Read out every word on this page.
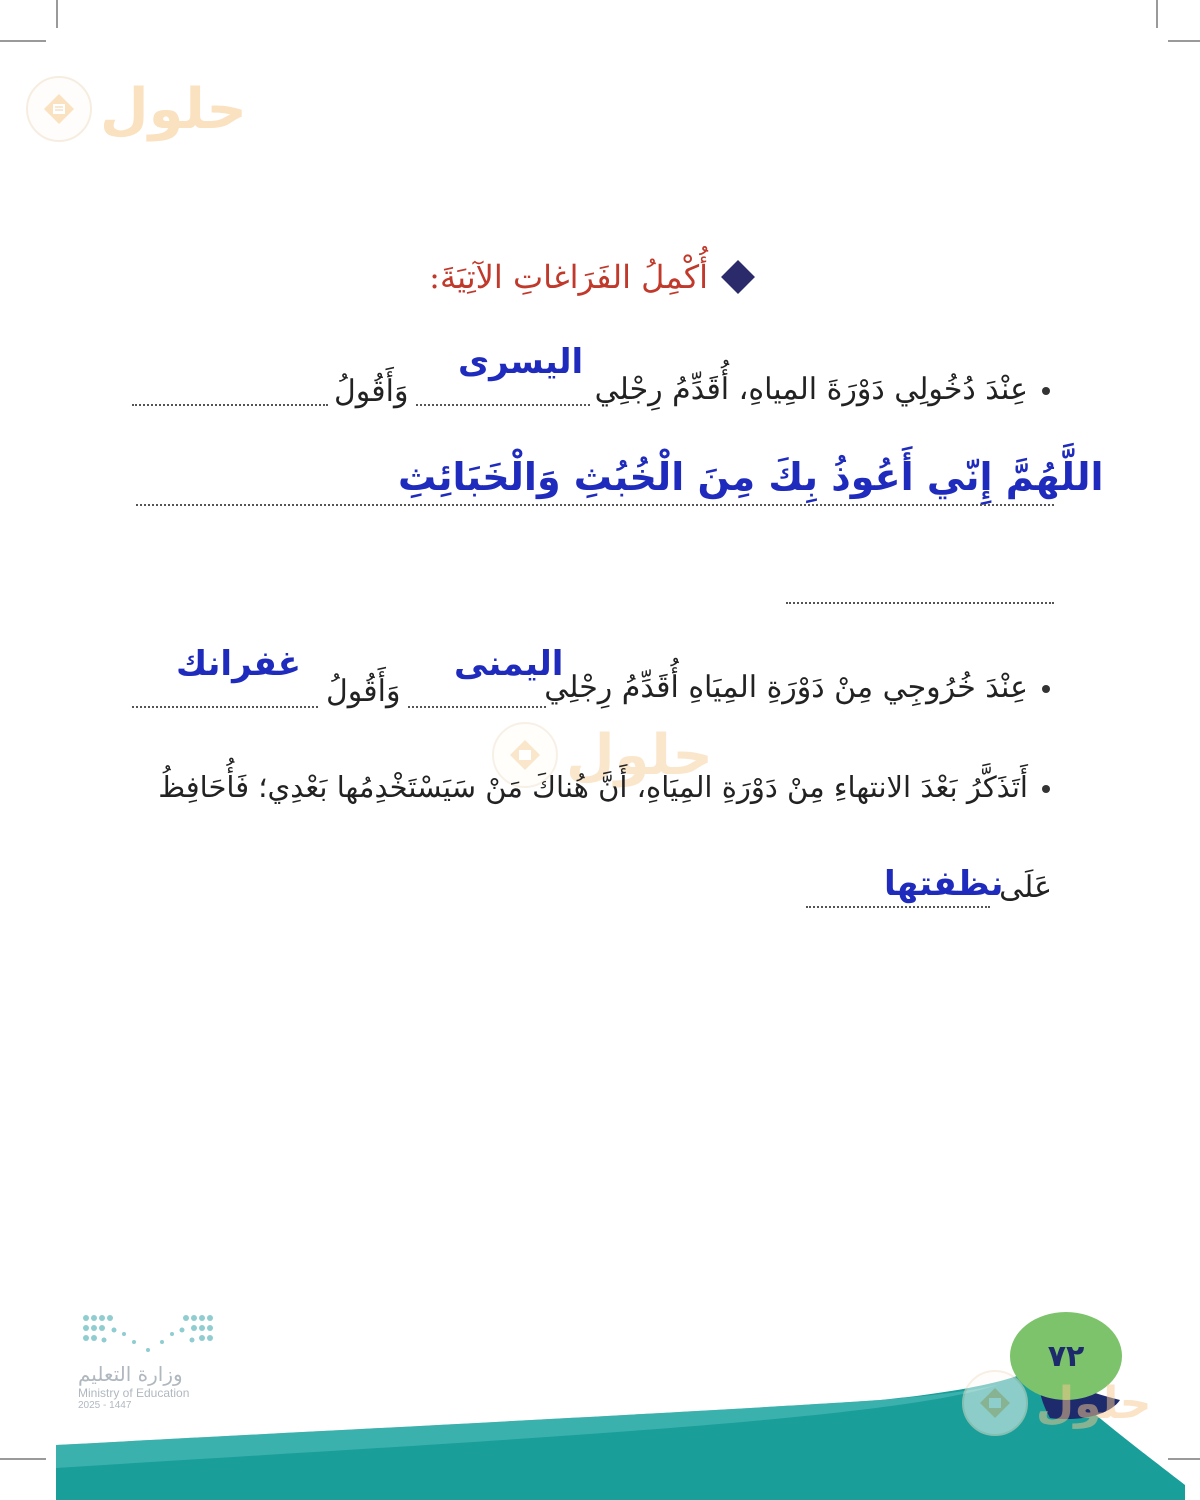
حلول
حلول
أُكْمِلُ الفَرَاغاتِ الآتِيَةَ:
عِنْدَ دُخُولِي دَوْرَةَ المِياهِ، أُقَدِّمُ رِجْلِي
اليسرى
وَأَقُولُ
اللَّهُمَّ إِنّي أَعُوذُ بِكَ مِنَ الْخُبُثِ وَالْخَبَائِثِ
عِنْدَ خُرُوجِي مِنْ دَوْرَةِ المِيَاهِ أُقَدِّمُ رِجْلِي
اليمنى
وَأَقُولُ
غفرانك
أَتَذَكَّرُ بَعْدَ الانتهاءِ مِنْ دَوْرَةِ المِيَاهِ، أَنَّ هُناكَ مَنْ سَيَسْتَخْدِمُها بَعْدِي؛ فَأُحَافِظُ
عَلَى
نظفتها
وزارة التعليم
Ministry of Education
2025 - 1447
٧٢
حلول
